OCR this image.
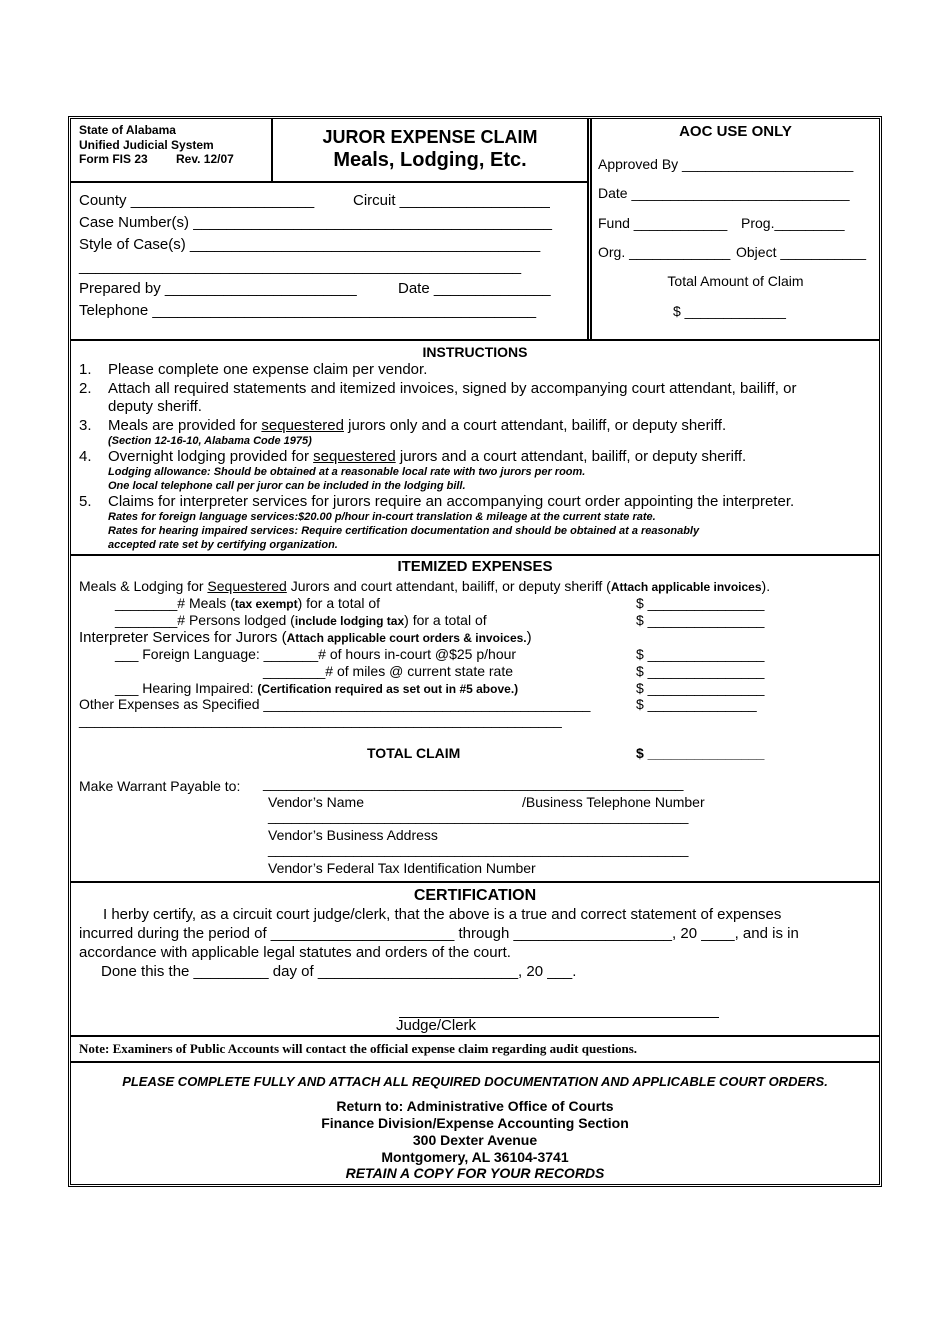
State of Alabama
Unified Judicial System
Form FIS 23 Rev. 12/07
JUROR EXPENSE CLAIM
Meals, Lodging, Etc.
County ______________________	Circuit __________________
Case Number(s) ___________________________________________
Style of Case(s) __________________________________________
_____________________________________________________
Prepared by _______________________	Date ______________
Telephone ______________________________________________
AOC USE ONLY
Approved By ______________________
Date ____________________________
Fund ____________ Prog._________
Org. _____________ Object ___________
Total Amount of Claim
$ _____________
INSTRUCTIONS
1. Please complete one expense claim per vendor.
2. Attach all required statements and itemized invoices, signed by accompanying court attendant, bailiff, or
deputy sheriff.
3. Meals are provided for sequestered jurors only and a court attendant, bailiff, or deputy sheriff.
(Section 12-16-10, Alabama Code 1975)
4. Overnight lodging provided for sequestered jurors and a court attendant, bailiff, or deputy sheriff.
Lodging allowance: Should be obtained at a reasonable local rate with two jurors per room.
One local telephone call per juror can be included in the lodging bill.
5. Claims for interpreter services for jurors require an accompanying court order appointing the interpreter.
Rates for foreign language services:$20.00 p/hour in-court translation & mileage at the current state rate.
Rates for hearing impaired services: Require certification documentation and should be obtained at a reasonably
accepted rate set by certifying organization.
ITEMIZED EXPENSES
Meals & Lodging for Sequestered Jurors and court attendant, bailiff, or deputy sheriff (Attach applicable invoices).
________# Meals (tax exempt) for a total of	$ _______________
________# Persons lodged (include lodging tax) for a total of	$ _______________
Interpreter Services for Jurors (Attach applicable court orders & invoices.)
___ Foreign Language: _______# of hours in-court @$25 p/hour	$ _______________
________# of miles @ current state rate	$ _______________
___ Hearing Impaired: (Certification required as set out in #5 above.)	$ _______________
Other Expenses as Specified __________________________________________	$ ______________
______________________________________________________________
TOTAL CLAIM	$ _______________
Make Warrant Payable to: ______________________________________________________
Vendor’s Name	/Business Telephone Number
______________________________________________________
Vendor’s Business Address
______________________________________________________
Vendor’s Federal Tax Identification Number
CERTIFICATION
I herby certify, as a circuit court judge/clerk, that the above is a true and correct statement of expenses
incurred during the period of ______________________ through ___________________, 20 ____, and is in
accordance with applicable legal statutes and orders of the court.
Done this the _________ day of ________________________, 20 ___.
Judge/Clerk
Note: Examiners of Public Accounts will contact the official expense claim regarding audit questions.
PLEASE COMPLETE FULLY AND ATTACH ALL REQUIRED DOCUMENTATION AND APPLICABLE COURT ORDERS.
Return to: Administrative Office of Courts
Finance Division/Expense Accounting Section
300 Dexter Avenue
Montgomery, AL 36104-3741
RETAIN A COPY FOR YOUR RECORDS
